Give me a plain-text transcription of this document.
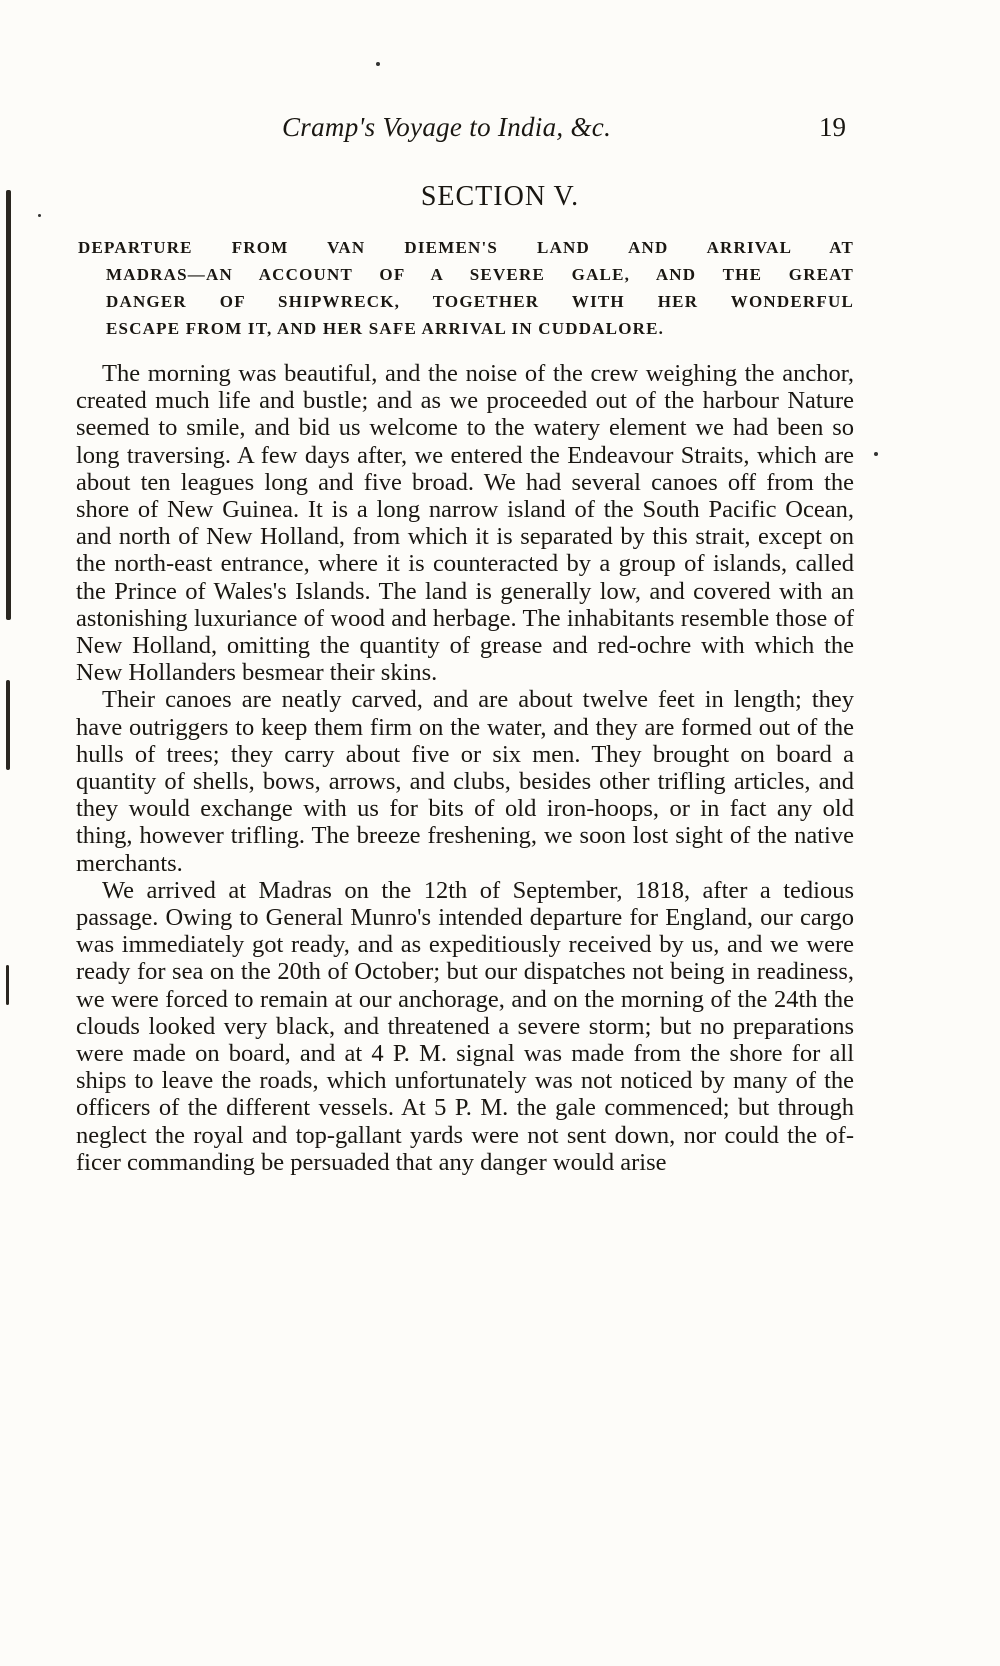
Cramp's Voyage to India, &c.	19
SECTION V.
DEPARTURE FROM VAN DIEMEN'S LAND AND ARRIVAL AT
MADRAS—AN ACCOUNT OF A SEVERE GALE, AND THE GREAT
DANGER OF SHIPWRECK, TOGETHER WITH HER WONDERFUL
ESCAPE FROM IT, AND HER SAFE ARRIVAL IN CUDDALORE.

The morning was beautiful, and the noise of the crew weighing the anchor, created much life and bustle; and as we proceeded out of the harbour Nature seemed to smile, and bid us welcome to the watery element we had been so long traversing. A few days after, we entered the Endeavour Straits, which are about ten leagues long and five broad. We had several canoes off from the shore of New Guinea. It is a long narrow island of the South Pacific Ocean, and north of New Holland, from which it is separated by this strait, except on the north-east entrance, where it is counteracted by a group of islands, called the Prince of Wales's Islands. The land is generally low, and covered with an astonishing luxuriance of wood and herbage. The inhabitants resemble those of New Holland, omitting the quantity of grease and red-ochre with which the New Hollanders besmear their skins.

Their canoes are neatly carved, and are about twelve feet in length; they have outriggers to keep them firm on the water, and they are formed out of the hulls of trees; they carry about five or six men. They brought on board a quantity of shells, bows, arrows, and clubs, besides other trifling articles, and they would exchange with us for bits of old iron-hoops, or in fact any old thing, however trifling. The breeze freshening, we soon lost sight of the native merchants.

We arrived at Madras on the 12th of September, 1818, after a tedious passage. Owing to General Munro's intended departure for England, our cargo was immediately got ready, and as expeditiously received by us, and we were ready for sea on the 20th of October; but our dispatches not being in readiness, we were forced to remain at our anchorage, and on the morning of the 24th the clouds looked very black, and threatened a severe storm; but no preparations were made on board, and at 4 P. M. signal was made from the shore for all ships to leave the roads, which unfortunately was not noticed by many of the officers of the different vessels. At 5 P. M. the gale commenced; but through neglect the royal and top-gallant yards were not sent down, nor could the officer commanding be persuaded that any danger would arise
